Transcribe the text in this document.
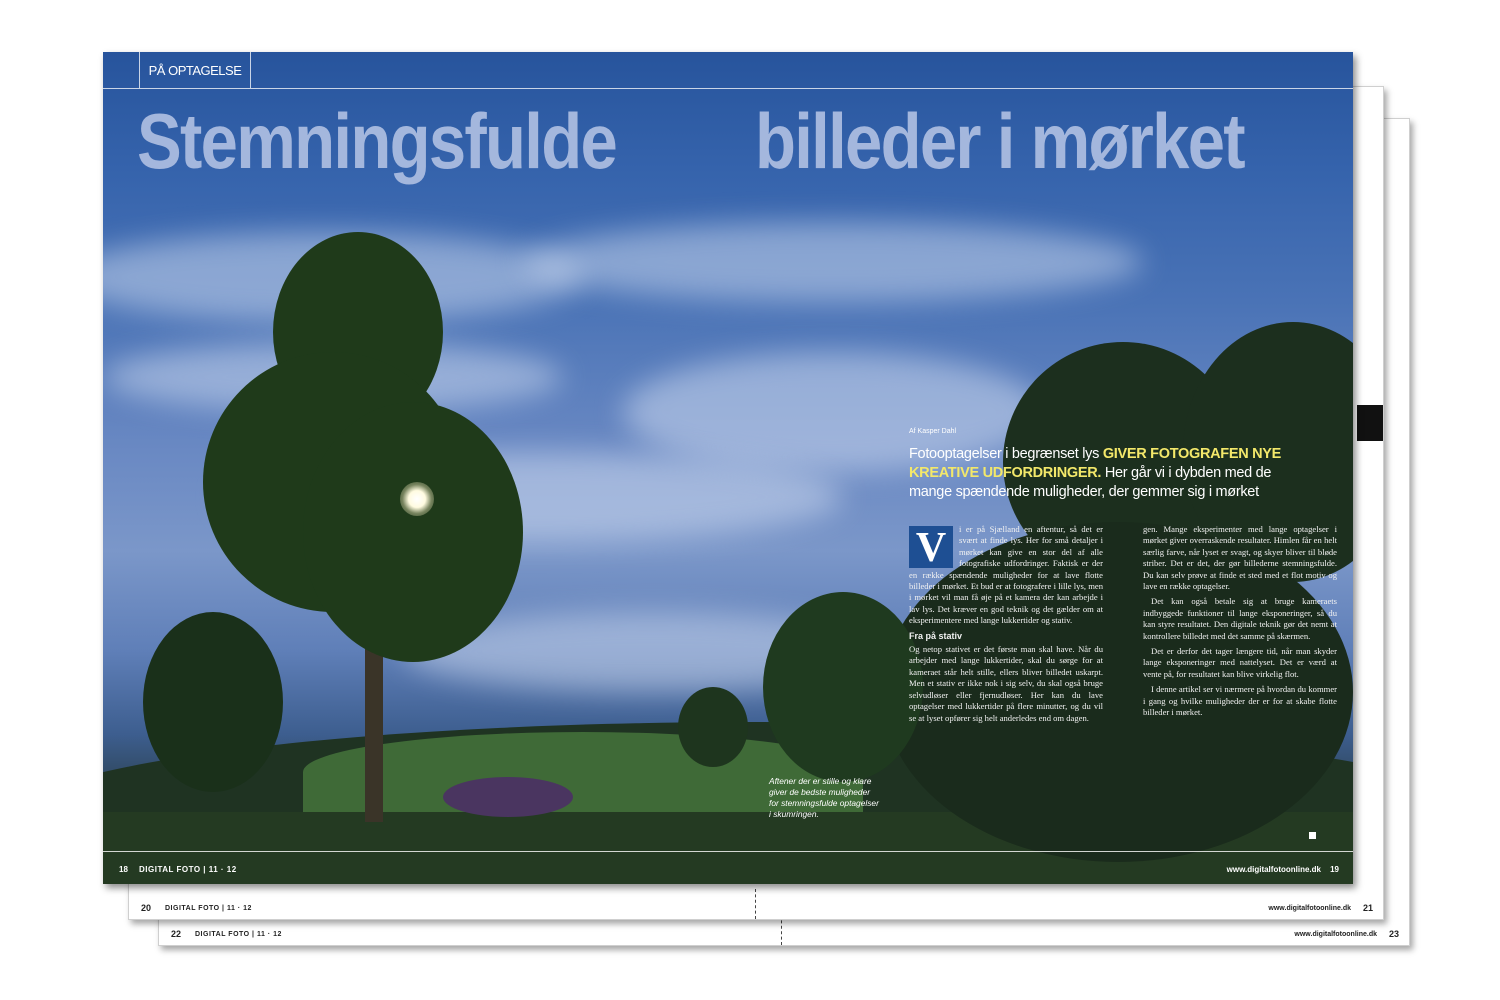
22 DIGITAL FOTO | 11 · 12	www.digitalfotoonline.dk 23
20 DIGITAL FOTO | 11 · 12	www.digitalfotoonline.dk 21
PÅ OPTAGELSE
Stemningsfulde billeder i mørket
Af Kasper Dahl
Fotooptagelser i begrænset lys GIVER FOTOGRAFEN NYE KREATIVE UDFORDRINGER. Her går vi i dybden med de mange spændende muligheder, der gemmer sig i mørket

i er på Sjælland en aftentur, så det er svært at finde lys. Her for små detaljer i mørket kan give en stor del af alle fotografiske udfordringer. Faktisk er der en række spændende muligheder for at lave flotte billeder i mørket. Et bud er at fotografere i lille lys, men i mørket vil man få øje på et kamera der kan arbejde i lav lys. Det kræver en god teknik og det gælder om at eksperimentere med lange lukkertider og stativ.

Fra på stativ

Og netop stativet er det første man skal have. Når du arbejder med lange lukkertider, skal du sørge for at kameraet står helt stille, ellers bliver billedet uskarpt. Men et stativ er ikke nok i sig selv, du skal også bruge selvudløser eller fjernudløser. Her kan du lave optagelser med lukkertider på flere minutter, og du vil se at lyset opfører sig helt anderledes end om dagen.

V	gen. Mange eksperimenter med lange optagelser i mørket giver overraskende resultater. Himlen får en helt særlig farve, når lyset er svagt, og skyer bliver til bløde striber. Det er det, der gør billederne stemningsfulde. Du kan selv prøve at finde et sted med et flot motiv og lave en række optagelser.

Det kan også betale sig at bruge kameraets indbyggede funktioner til lange eksponeringer, så du kan styre resultatet. Den digitale teknik gør det nemt at kontrollere billedet med det samme på skærmen.

Det er derfor det tager længere tid, når man skyder lange eksponeringer med nattelyset. Det er værd at vente på, for resultatet kan blive virkelig flot.

I denne artikel ser vi nærmere på hvordan du kommer i gang og hvilke muligheder der er for at skabe flotte billeder i mørket.

Aftener der er stille og klare giver de bedste muligheder for stemningsfulde optagelser i skumringen.
18 DIGITAL FOTO | 11 · 12	www.digitalfotoonline.dk 19
